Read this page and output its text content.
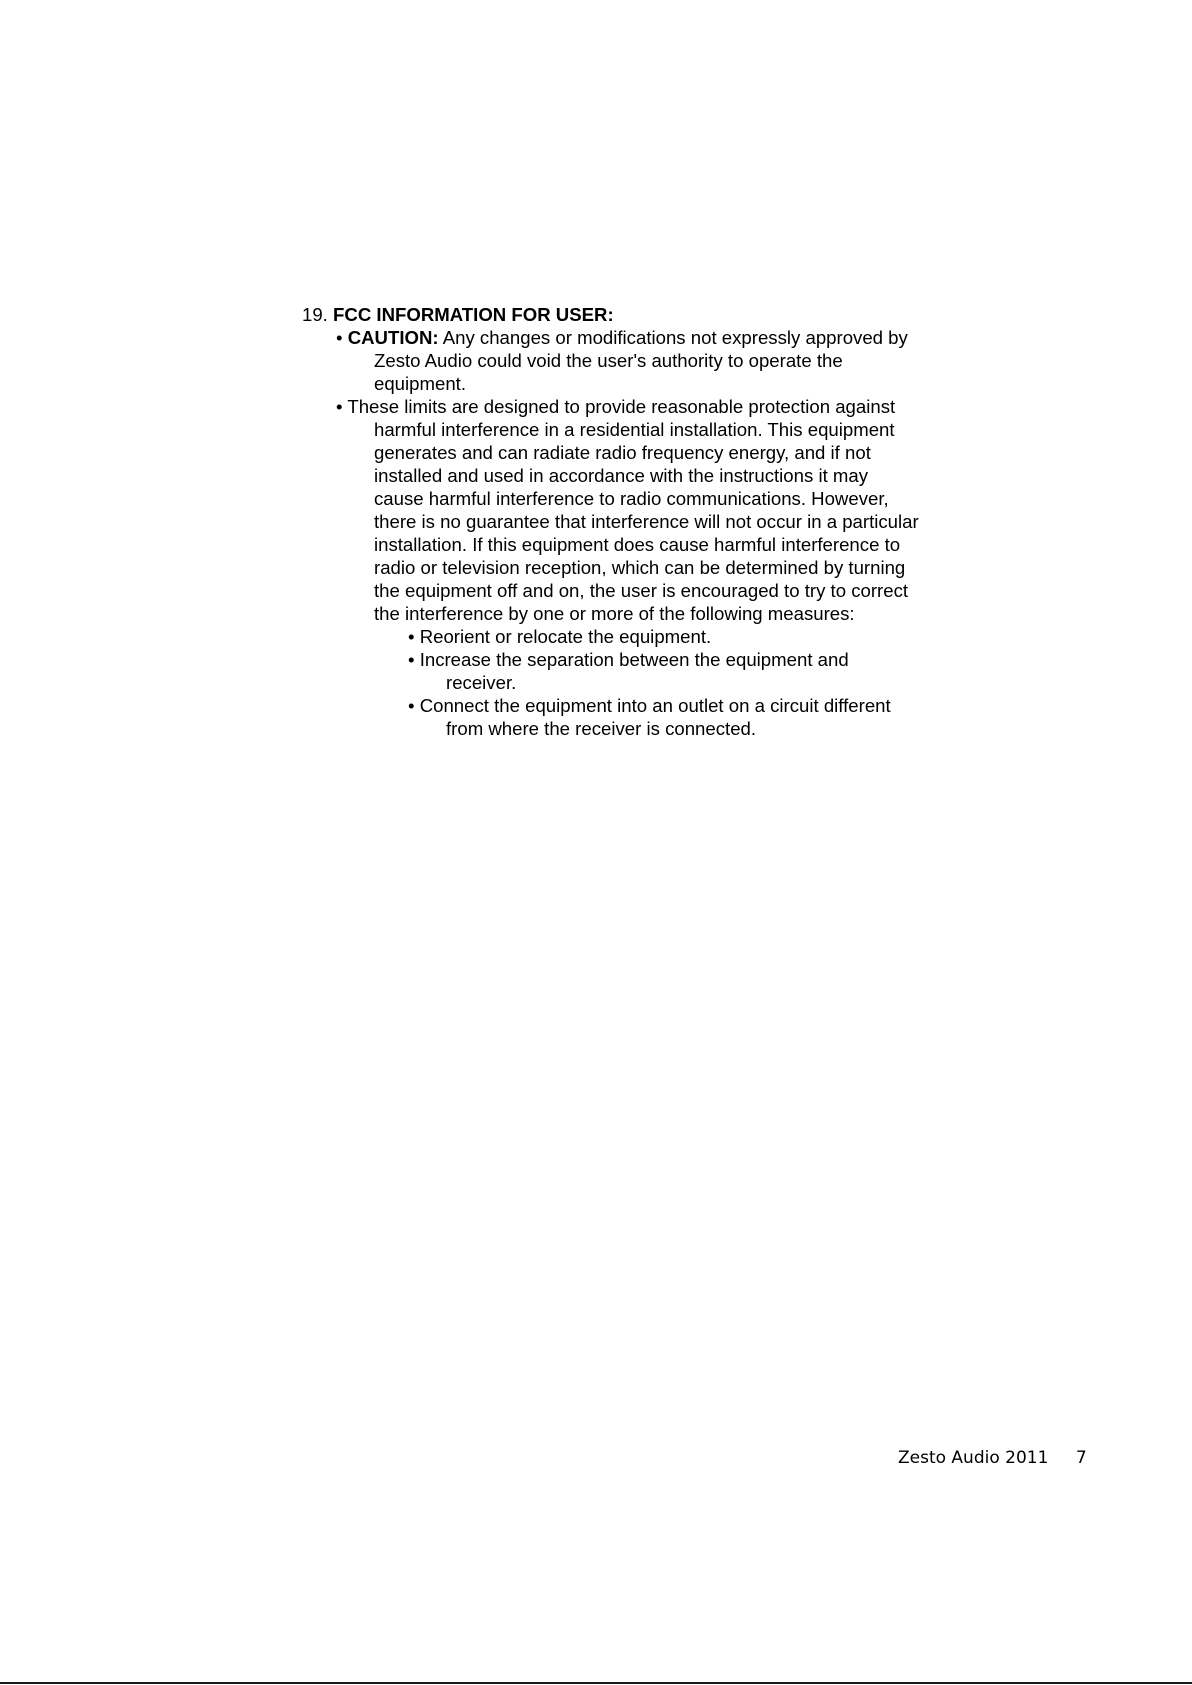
19. FCC INFORMATION FOR USER:

• CAUTION: Any changes or modifications not expressly approved by Zesto Audio could void the user's authority to operate the equipment.

• These limits are designed to provide reasonable protection against harmful interference in a residential installation. This equipment generates and can radiate radio frequency energy, and if not installed and used in accordance with the instructions it may cause harmful interference to radio communications. However, there is no guarantee that interference will not occur in a particular installation. If this equipment does cause harmful interference to radio or television reception, which can be determined by turning the equipment off and on, the user is encouraged to try to correct the interference by one or more of the following measures:

• Reorient or relocate the equipment.

• Increase the separation between the equipment and receiver.

• Connect the equipment into an outlet on a circuit different from where the receiver is connected.

Zesto Audio 2011 7
